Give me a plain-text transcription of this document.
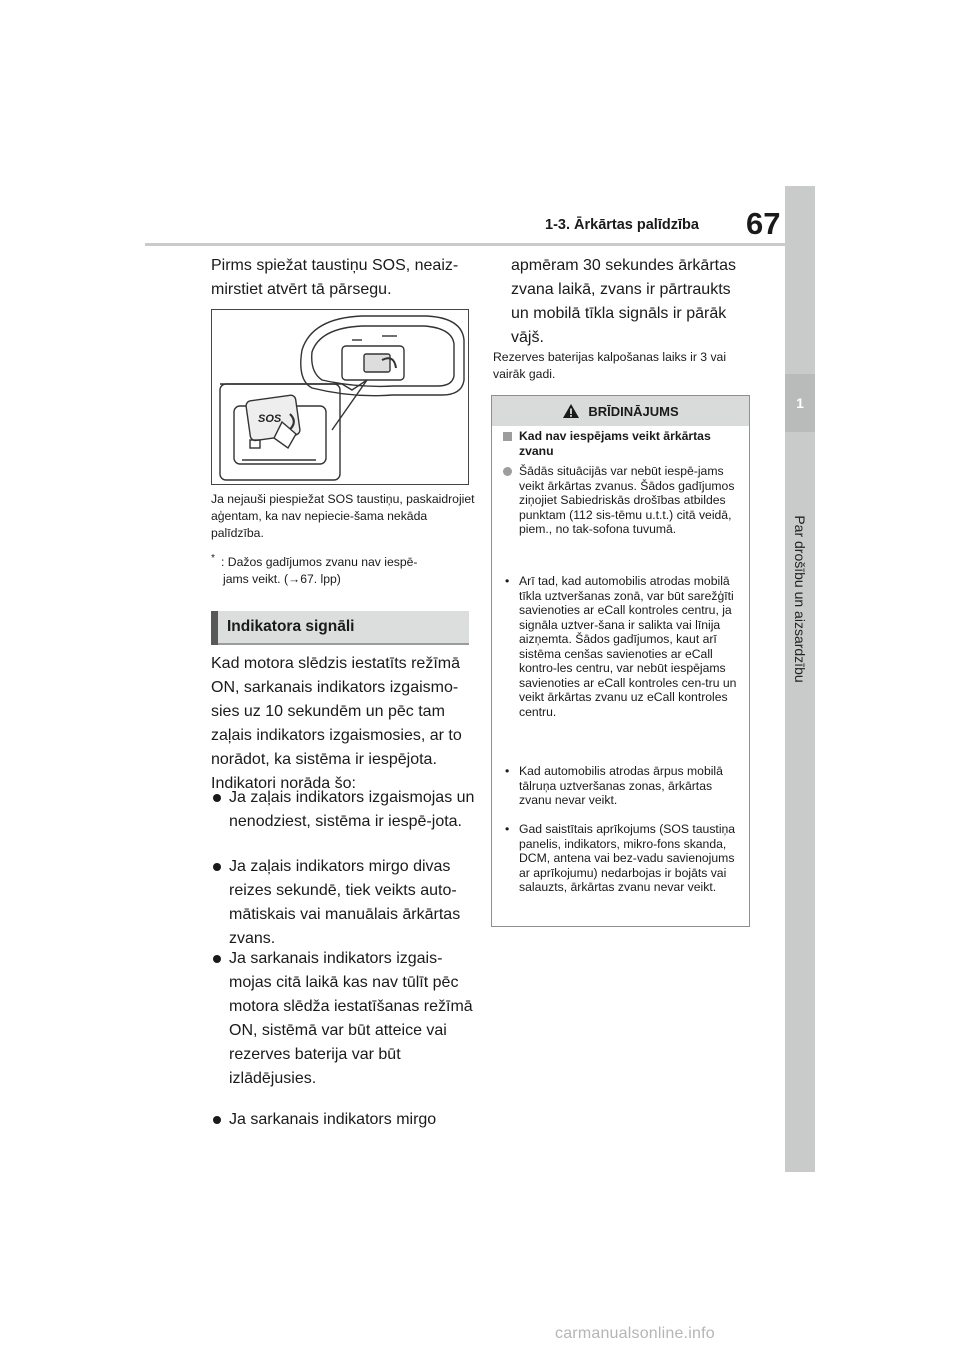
1-3. Ārkārtas palīdzība 67
1
Par drošību un aizsardzību

Pirms spiežat taustiņu SOS, neaiz-mirstiet atvērt tā pārsegu.

SOS
Ja nejauši piespiežat SOS taustiņu, paskaidrojiet aģentam, ka nav nepiecie-šama nekāda palīdzība.
* : Dažos gadījumos zvanu nav iespē-
jams veikt. (→67. lpp)
Indikatora signāli

Kad motora slēdzis iestatīts režīmā ON, sarkanais indikators izgaismo-sies uz 10 sekundēm un pēc tam zaļais indikators izgaismosies, ar to norādot, ka sistēma ir iespējota. Indikatori norāda šo:

Ja zaļais indikators izgaismojas un nenodziest, sistēma ir iespē-jota.
Ja zaļais indikators mirgo divas reizes sekundē, tiek veikts auto-mātiskais vai manuālais ārkārtas zvans.
Ja sarkanais indikators izgais-mojas citā laikā kas nav tūlīt pēc motora slēdža iestatīšanas režīmā ON, sistēmā var būt atteice vai rezerves baterija var būt izlādējusies.
Ja sarkanais indikators mirgo

apmēram 30 sekundes ārkārtas zvana laikā, zvans ir pārtraukts un mobilā tīkla signāls ir pārāk vājš.

Rezerves baterijas kalpošanas laiks ir 3 vai vairāk gadi.
BRĪDINĀJUMS
Kad nav iespējams veikt ārkārtas zvanu
Šādās situācijās var nebūt iespē-jams veikt ārkārtas zvanus. Šādos gadījumos ziņojiet Sabiedriskās drošības atbildes punktam (112 sis-tēmu u.t.t.) citā veidā, piem., no tak-sofona tuvumā.
• Arī tad, kad automobilis atrodas mobilā tīkla uztveršanas zonā, var būt sarežģīti savienoties ar eCall kontroles centru, ja signāla uztver-šana ir salikta vai līnija aizņemta. Šādos gadījumos, kaut arī sistēma cenšas savienoties ar eCall kontro-les centru, var nebūt iespējams savienoties ar eCall kontroles cen-tru un veikt ārkārtas zvanu uz eCall kontroles centru.
• Kad automobilis atrodas ārpus mobilā tālruņa uztveršanas zonas, ārkārtas zvanu nevar veikt.
• Gad saistītais aprīkojums (SOS taustiņa panelis, indikators, mikro-fons skanda, DCM, antena vai bez-vadu savienojums ar aprīkojumu) nedarbojas ir bojāts vai salauzts, ārkārtas zvanu nevar veikt.
carmanualsonline.info
